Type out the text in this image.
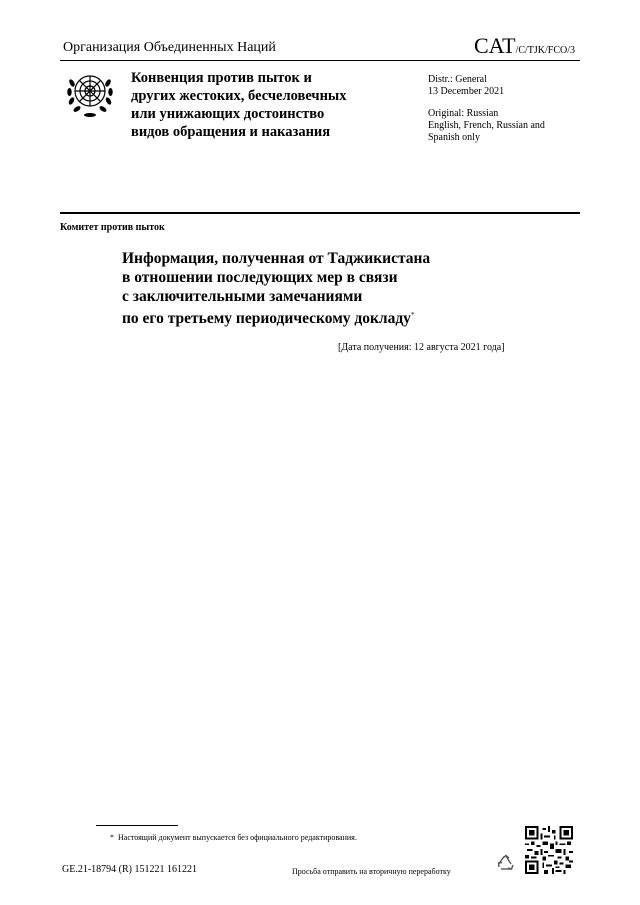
Организация Объединенных Наций	CAT/C/TJK/FCO/3
Конвенция против пыток и
других жестоких, бесчеловечных
или унижающих достоинство
видов обращения и наказания
Distr.: General
13 December 2021
Original: Russian
English, French, Russian and
Spanish only
Комитет против пыток
Информация, полученная от Таджикистана
в отношении последующих мер в связи
с заключительными замечаниями
по его третьему периодическому докладу*
[Дата получения: 12 августа 2021 года]
* Настоящий документ выпускается без официального редактирования.
GE.21-18794 (R) 151221 161221	Просьба отправить на вторичную переработку
